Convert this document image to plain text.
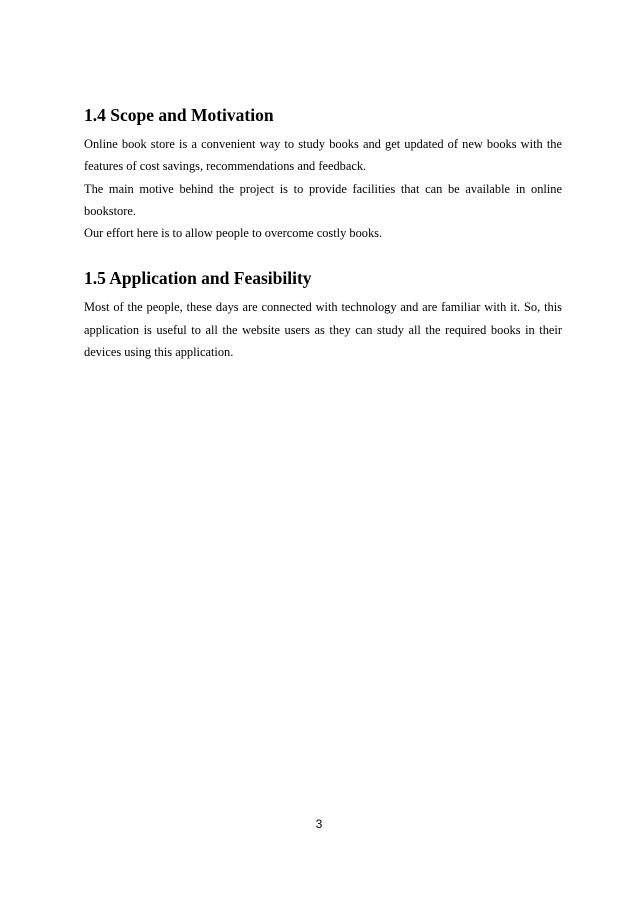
1.4 Scope and Motivation

Online book store is a convenient way to study books and get updated of new books with the features of cost savings, recommendations and feedback.

The main motive behind the project is to provide facilities that can be available in online bookstore.

Our effort here is to allow people to overcome costly books.

1.5 Application and Feasibility

Most of the people, these days are connected with technology and are familiar with it. So, this application is useful to all the website users as they can study all the required books in their devices using this application.

3
